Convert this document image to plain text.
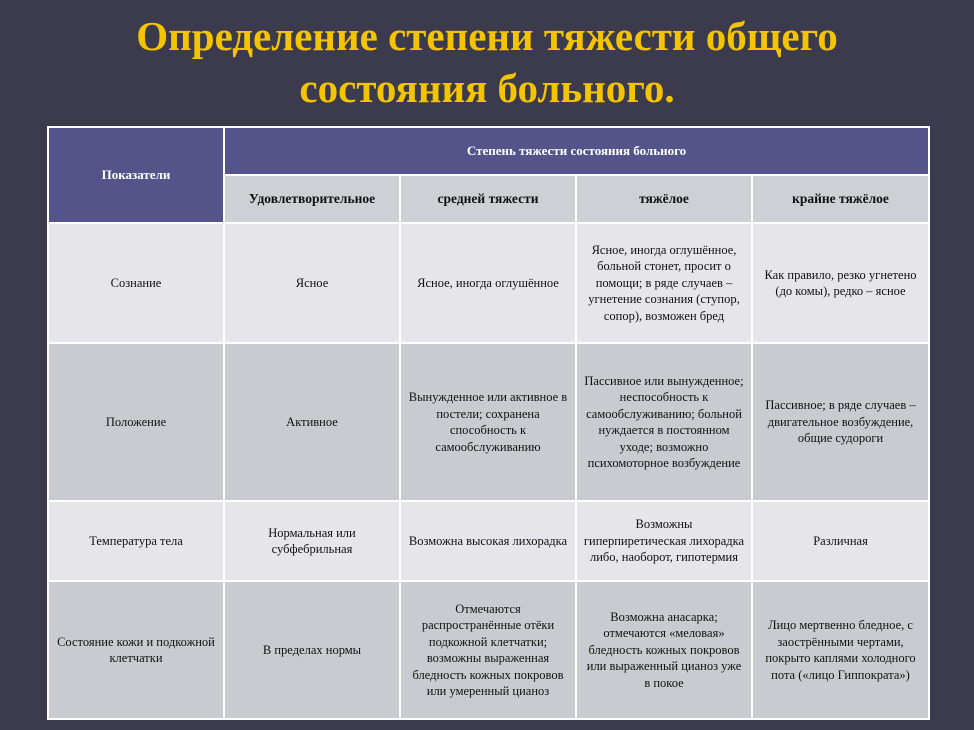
Определение степени тяжести общего
состояния больного.
Показатели	Степень тяжести состояния больного			
	Удовлетворительное	средней тяжести	тяжёлое	крайне тяжёлое
Сознание	Ясное	Ясное, иногда оглушённое	Ясное, иногда оглушённое, больной стонет, просит о помощи; в ряде случаев – угнетение сознания (ступор, сопор), возможен бред	Как правило, резко угнетено (до комы), редко – ясное
Положение	Активное	Вынужденное или активное в постели; сохранена способность к самообслуживанию	Пассивное или вынужденное; неспособность к самообслуживанию; больной нуждается в постоянном уходе; возможно психомоторное возбуждение	Пассивное; в ряде случаев – двигательное возбуждение, общие судороги
Температура тела	Нормальная или субфебрильная	Возможна высокая лихорадка	Возможны гиперпиретическая лихорадка либо, наоборот, гипотермия	Различная
Состояние кожи и подкожной клетчатки	В пределах нормы	Отмечаются распространённые отёки подкожной клетчатки; возможны выраженная бледность кожных покровов или умеренный цианоз	Возможна анасарка; отмечаются «меловая» бледность кожных покровов или выраженный цианоз уже в покое	Лицо мертвенно бледное, с заострёнными чертами, покрыто каплями холодного пота («лицо Гиппократа»)
